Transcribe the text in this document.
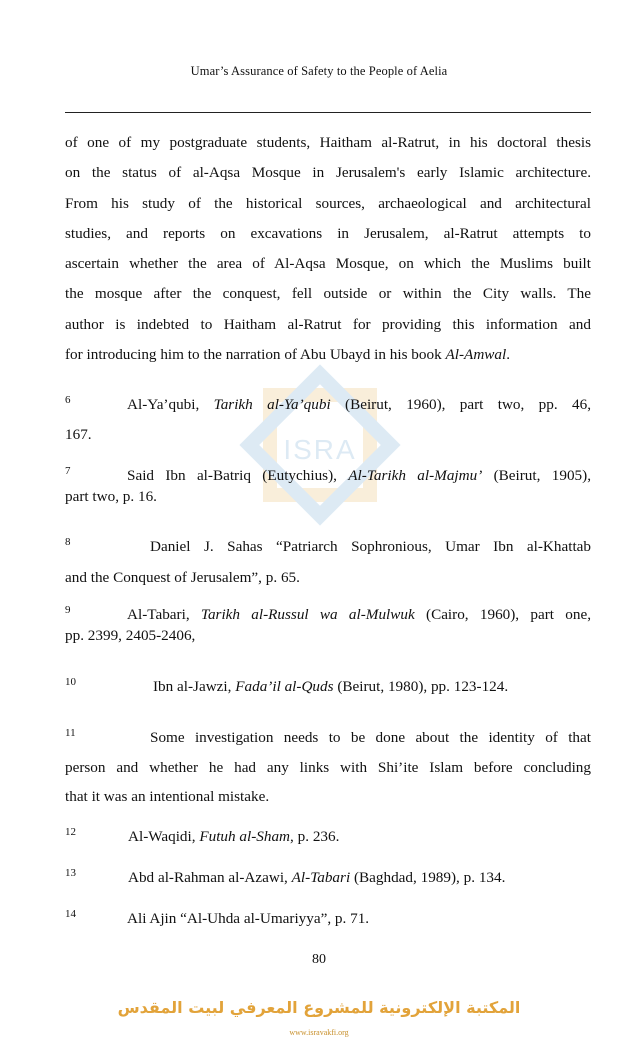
ISRA
Umar’s Assurance of Safety to the People of Aelia
of one of my postgraduate students, Haitham al-Ratrut, in his doctoral thesis
on the status of al-Aqsa Mosque in Jerusalem's early Islamic architecture.
From his study of the historical sources, archaeological and architectural
studies, and reports on excavations in Jerusalem, al-Ratrut attempts to
ascertain whether the area of Al-Aqsa Mosque, on which the Muslims built
the mosque after the conquest, fell outside or within the City walls. The
author is indebted to Haitham al-Ratrut for providing this information and
for introducing him to the narration of Abu Ubayd in his book Al-Amwal.
6	Al-Ya’qubi, Tarikh al-Ya’qubi (Beirut, 1960), part two, pp. 46,
167.
7	Said Ibn al-Batriq (Eutychius), Al-Tarikh al-Majmu’ (Beirut, 1905),
part two, p. 16.
8	Daniel J. Sahas “Patriarch Sophronious, Umar Ibn al-Khattab
and the Conquest of Jerusalem”, p. 65.
9	Al-Tabari, Tarikh al-Russul wa al-Mulwuk (Cairo, 1960), part one,
pp. 2399, 2405-2406,
10	Ibn al-Jawzi, Fada’il al-Quds (Beirut, 1980), pp. 123-124.
11	Some investigation needs to be done about the identity of that
person and whether he had any links with Shi’ite Islam before concluding
that it was an intentional mistake.
12	Al-Waqidi, Futuh al-Sham, p. 236.
13	Abd al-Rahman al-Azawi, Al-Tabari (Baghdad, 1989), p. 134.
14	Ali Ajin “Al-Uhda al-Umariyya”, p. 71.
80
المكتبة الإلكترونية للمشروع المعرفي لبيت المقدس
www.isravakfi.org
